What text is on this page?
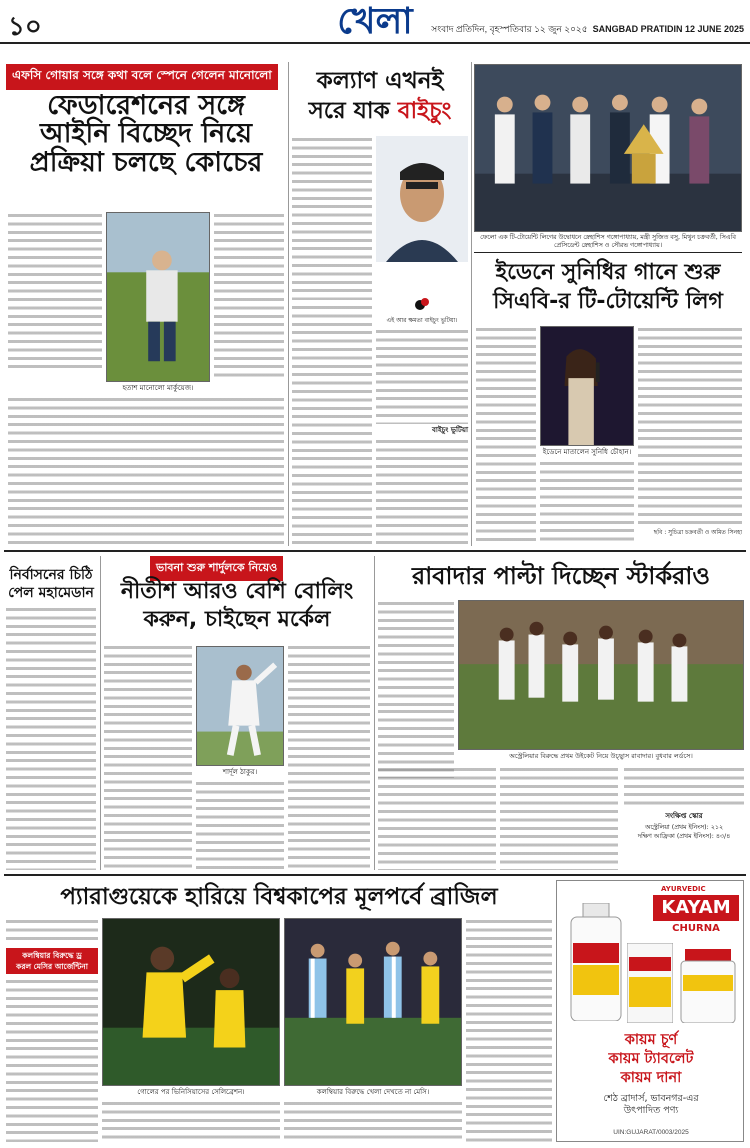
১০	খেলা	সংবাদ প্রতিদিন, বৃহস্পতিবার ১২ জুন ২০২৫ SANGBAD PRATIDIN 12 JUNE 2025
এফসি গোয়ার সঙ্গে কথা বলে স্পেনে গেলেন মানোলো
ফেডারেশনের সঙ্গে
আইনি বিচ্ছেদ নিয়ে
প্রক্রিয়া চলছে কোচের
হতাশ মানোলো মার্কুয়েজ।
কল্যাণ এখনই
সরে যাক বাইচুং
এই আর ক্ষমতা বাইচুং ভুটিয়া।
বাইচুং ভুটিয়া
ফেলো এক টি-টোয়েন্টি লিগের উদ্বোধনে স্নেহাশিস গঙ্গোপাধ্যায়, মন্ত্রী সুজিত বসু, মিথুন চক্রবর্তী, সিএবি প্রেসিডেন্ট স্নেহাশিস ও সৌরভ গঙ্গোপাধ্যায়।
ইডেনে সুনিধির গানে শুরু
সিএবি-র টি-টোয়েন্টি লিগ
ইডেনে মাতালেন সুনিধি চৌহান।
ছবি : সুচিত্রা চক্রবর্তী ও অমিত সিনহা
নির্বাসনের চিঠি
পেল মহামেডান
ভাবনা শুরু শার্দুলকে নিয়েও
নীতীশ আরও বেশি বোলিং
করুন, চাইছেন মর্কেল
শার্দূল ঠাকুর।
রাবাদার পাল্টা দিচ্ছেন স্টার্করাও
অস্ট্রেলিয়ার বিরুদ্ধে প্রথম উইকেট নিয়ে উচ্ছ্বাস রাবাদার। বুধবার লর্ডসে।
সংক্ষিপ্ত স্কোর
অস্ট্রেলিয়া (প্রথম ইনিংস): ২১২
দক্ষিণ আফ্রিকা (প্রথম ইনিংস): ৪৩/৪
প্যারাগুয়েকে হারিয়ে বিশ্বকাপের মূলপর্বে ব্রাজিল
কলম্বিয়ার বিরুদ্ধে ড্র
করল মেসির আর্জেন্টিনা
গোলের পর ভিনিসিয়াসের সেলিব্রেশন।	কলম্বিয়ার বিরুদ্ধে খেলা দেখতে না মেসি।
AYURVEDIC
KAYAM
CHURNA
কায়ম চূর্ণ
কায়ম ট্যাবলেট
কায়ম দানা
শেঠ ব্রাদার্স, ভাবনগর-এর
উৎপাদিত পণ্য
UIN:GUJARAT/0003/2025
